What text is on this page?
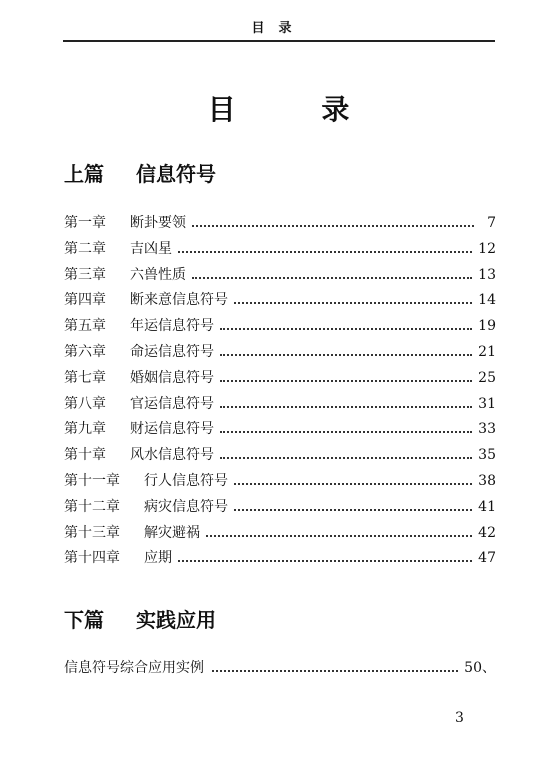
目录
目 录
上篇 信息符号
第一章	断卦要领	7
第二章	吉凶星	12
第三章	六兽性质	13
第四章	断来意信息符号	14
第五章	年运信息符号	19
第六章	命运信息符号	21
第七章	婚姻信息符号	25
第八章	官运信息符号	31
第九章	财运信息符号	33
第十章	风水信息符号	35
第十一章	行人信息符号	38
第十二章	病灾信息符号	41
第十三章	解灾避祸	42
第十四章	应期	47
下篇 实践应用
信息符号综合应用实例	50、
3
